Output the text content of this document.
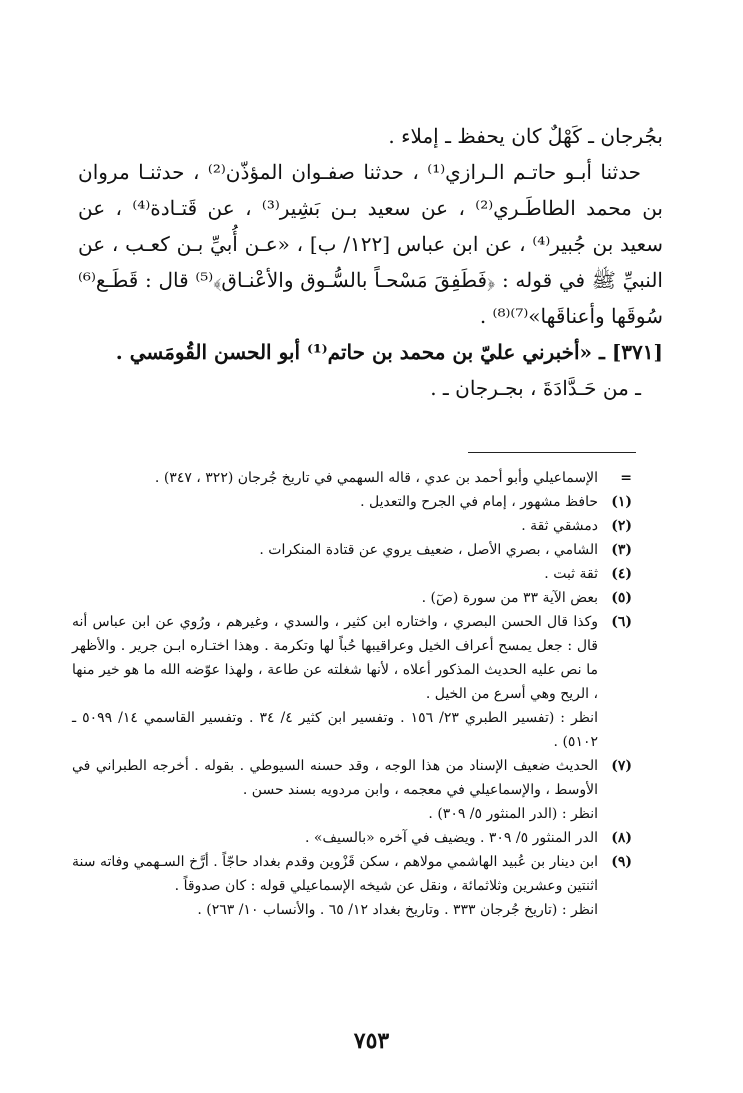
بجُرجان ـ كَهْلٌ كان يحفظ ـ إملاء .

حدثنا أبـو حاتـم الـرازي⁽¹⁾ ، حدثنا صفـوان المؤذّن⁽²⁾ ، حدثنـا مروان بن محمد الطاطَـري⁽²⁾ ، عن سعيد بـن بَشِير⁽³⁾ ، عن قَتـادة⁽⁴⁾ ، عن سعيد بن جُبير⁽⁴⁾ ، عن ابن عباس [١٢٢/ ب] ، «عـن أُبيِّ بـن كعـب ، عن النبيِّ ﷺ في قوله : ﴿فَطَفِقَ مَسْحـاً بالسُّـوق والأعْنـاق﴾⁽⁵⁾ قال : قَطَـع⁽⁶⁾ سُوقَها وأعناقَها»⁽⁷⁾⁽⁸⁾ .

[٣٧١] ـ «أخبرني عليّ بن محمد بن حاتم⁽¹⁾ أبو الحسن القُومَسي .

ـ من حَـدَّادَةَ ، بجـرجان ـ .

=
الإسماعيلي وأبو أحمد بن عدي ، قاله السهمي في تاريخ جُرجان (٣٢٢ ، ٣٤٧) .
(١)
حافظ مشهور ، إمام في الجرح والتعديل .
(٢)
دمشقي ثقة .
(٣)
الشامي ، بصري الأصل ، ضعيف يروي عن قتادة المنكرات .
(٤)
ثقة ثبت .
(٥)
بعض الآية ٣٣ من سورة (صٓ) .
(٦)
وكذا قال الحسن البصري ، واختاره ابن كثير ، والسدي ، وغيرهم ، ورُوي عن ابن عباس أنه قال : جعل يمسح أعراف الخيل وعراقيبها حُباً لها وتكرمة . وهذا اختـاره ابـن جرير . والأظهر ما نص عليه الحديث المذكور أعلاه ، لأنها شغلته عن طاعة ، ولهذا عوّضه الله ما هو خير منها ، الريح وهي أسرع من الخيل .
انظر : (تفسير الطبري ٢٣/ ١٥٦ . وتفسير ابن كثير ٤/ ٣٤ . وتفسير القاسمي ١٤/ ٥٠٩٩ ـ ٥١٠٢) .
(٧)
الحديث ضعيف الإسناد من هذا الوجه ، وقد حسنه السيوطي . بقوله . أخرجه الطبراني في الأوسط ، والإسماعيلي في معجمه ، وابن مردويه بسند حسن .
انظر : (الدر المنثور ٥/ ٣٠٩) .
(٨)
الدر المنثور ٥/ ٣٠٩ . ويضيف في آخره «بالسيف» .
(٩)
ابن دينار بن عُبيد الهاشمي مولاهم ، سكن قَزْوين وقدم بغداد حاجّاً . أرَّخ السـهمي وفاته سنة اثنتين وعشرين وثلاثمائة ، ونقل عن شيخه الإسماعيلي قوله : كان صدوقاً .
انظر : (تاريخ جُرجان ٣٣٣ . وتاريخ بغداد ١٢/ ٦٥ . والأنساب ١٠/ ٢٦٣) .
٧٥٣
